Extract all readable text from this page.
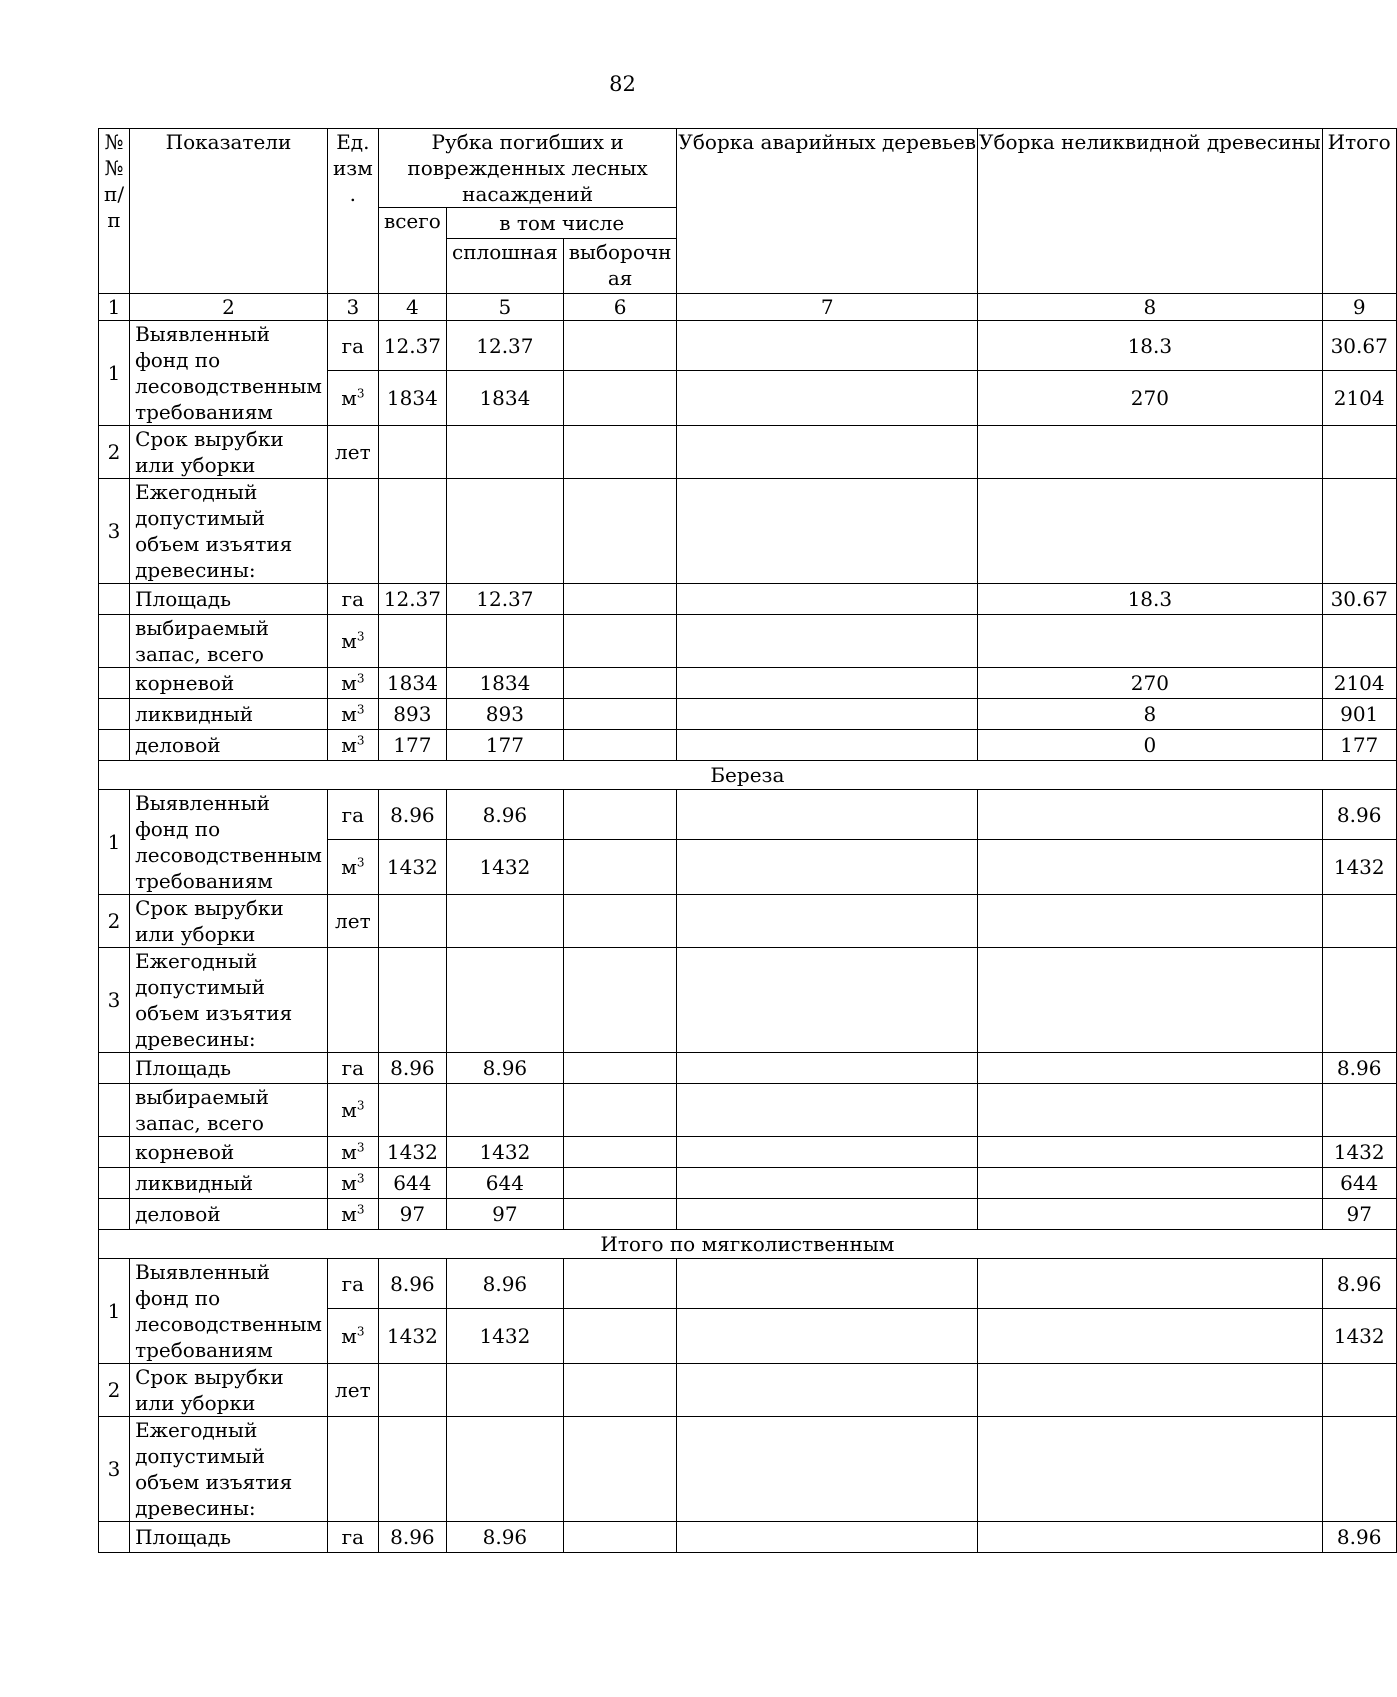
82
№ № п/п	Показатели	Ед. изм .	Рубка погибших и поврежденных лесных насаждений			Уборка аварийных деревьев	Уборка неликвидной древесины	Итого
			всего	в том числе				
				сплошная	выборочн ая			
1	2	3	4	5	6	7	8	9
1	Выявленный фонд по лесоводственным требованиям	га	12.37	12.37			18.3	30.67
		$м^3$	1834	1834			270	2104
2	Срок вырубки или уборки	лет						
3	Ежегодный допустимый объем изъятия древесины:							
	Площадь	га	12.37	12.37			18.3	30.67
	выбираемый запас, всего	$м^3$						
	корневой	$м^3$	1834	1834			270	2104
	ликвидный	$м^3$	893	893			8	901
	деловой	$м^3$	177	177			0	177
Береза								
1	Выявленный фонд по лесоводственным требованиям	га	8.96	8.96				8.96
		$м^3$	1432	1432				1432
2	Срок вырубки или уборки	лет						
3	Ежегодный допустимый объем изъятия древесины:							
	Площадь	га	8.96	8.96				8.96
	выбираемый запас, всего	$м^3$						
	корневой	$м^3$	1432	1432				1432
	ликвидный	$м^3$	644	644				644
	деловой	$м^3$	97	97				97
Итого по мягколиственным								
1	Выявленный фонд по лесоводственным требованиям	га	8.96	8.96				8.96
		$м^3$	1432	1432				1432
2	Срок вырубки или уборки	лет						
3	Ежегодный допустимый объем изъятия древесины:							
	Площадь	га	8.96	8.96				8.96
